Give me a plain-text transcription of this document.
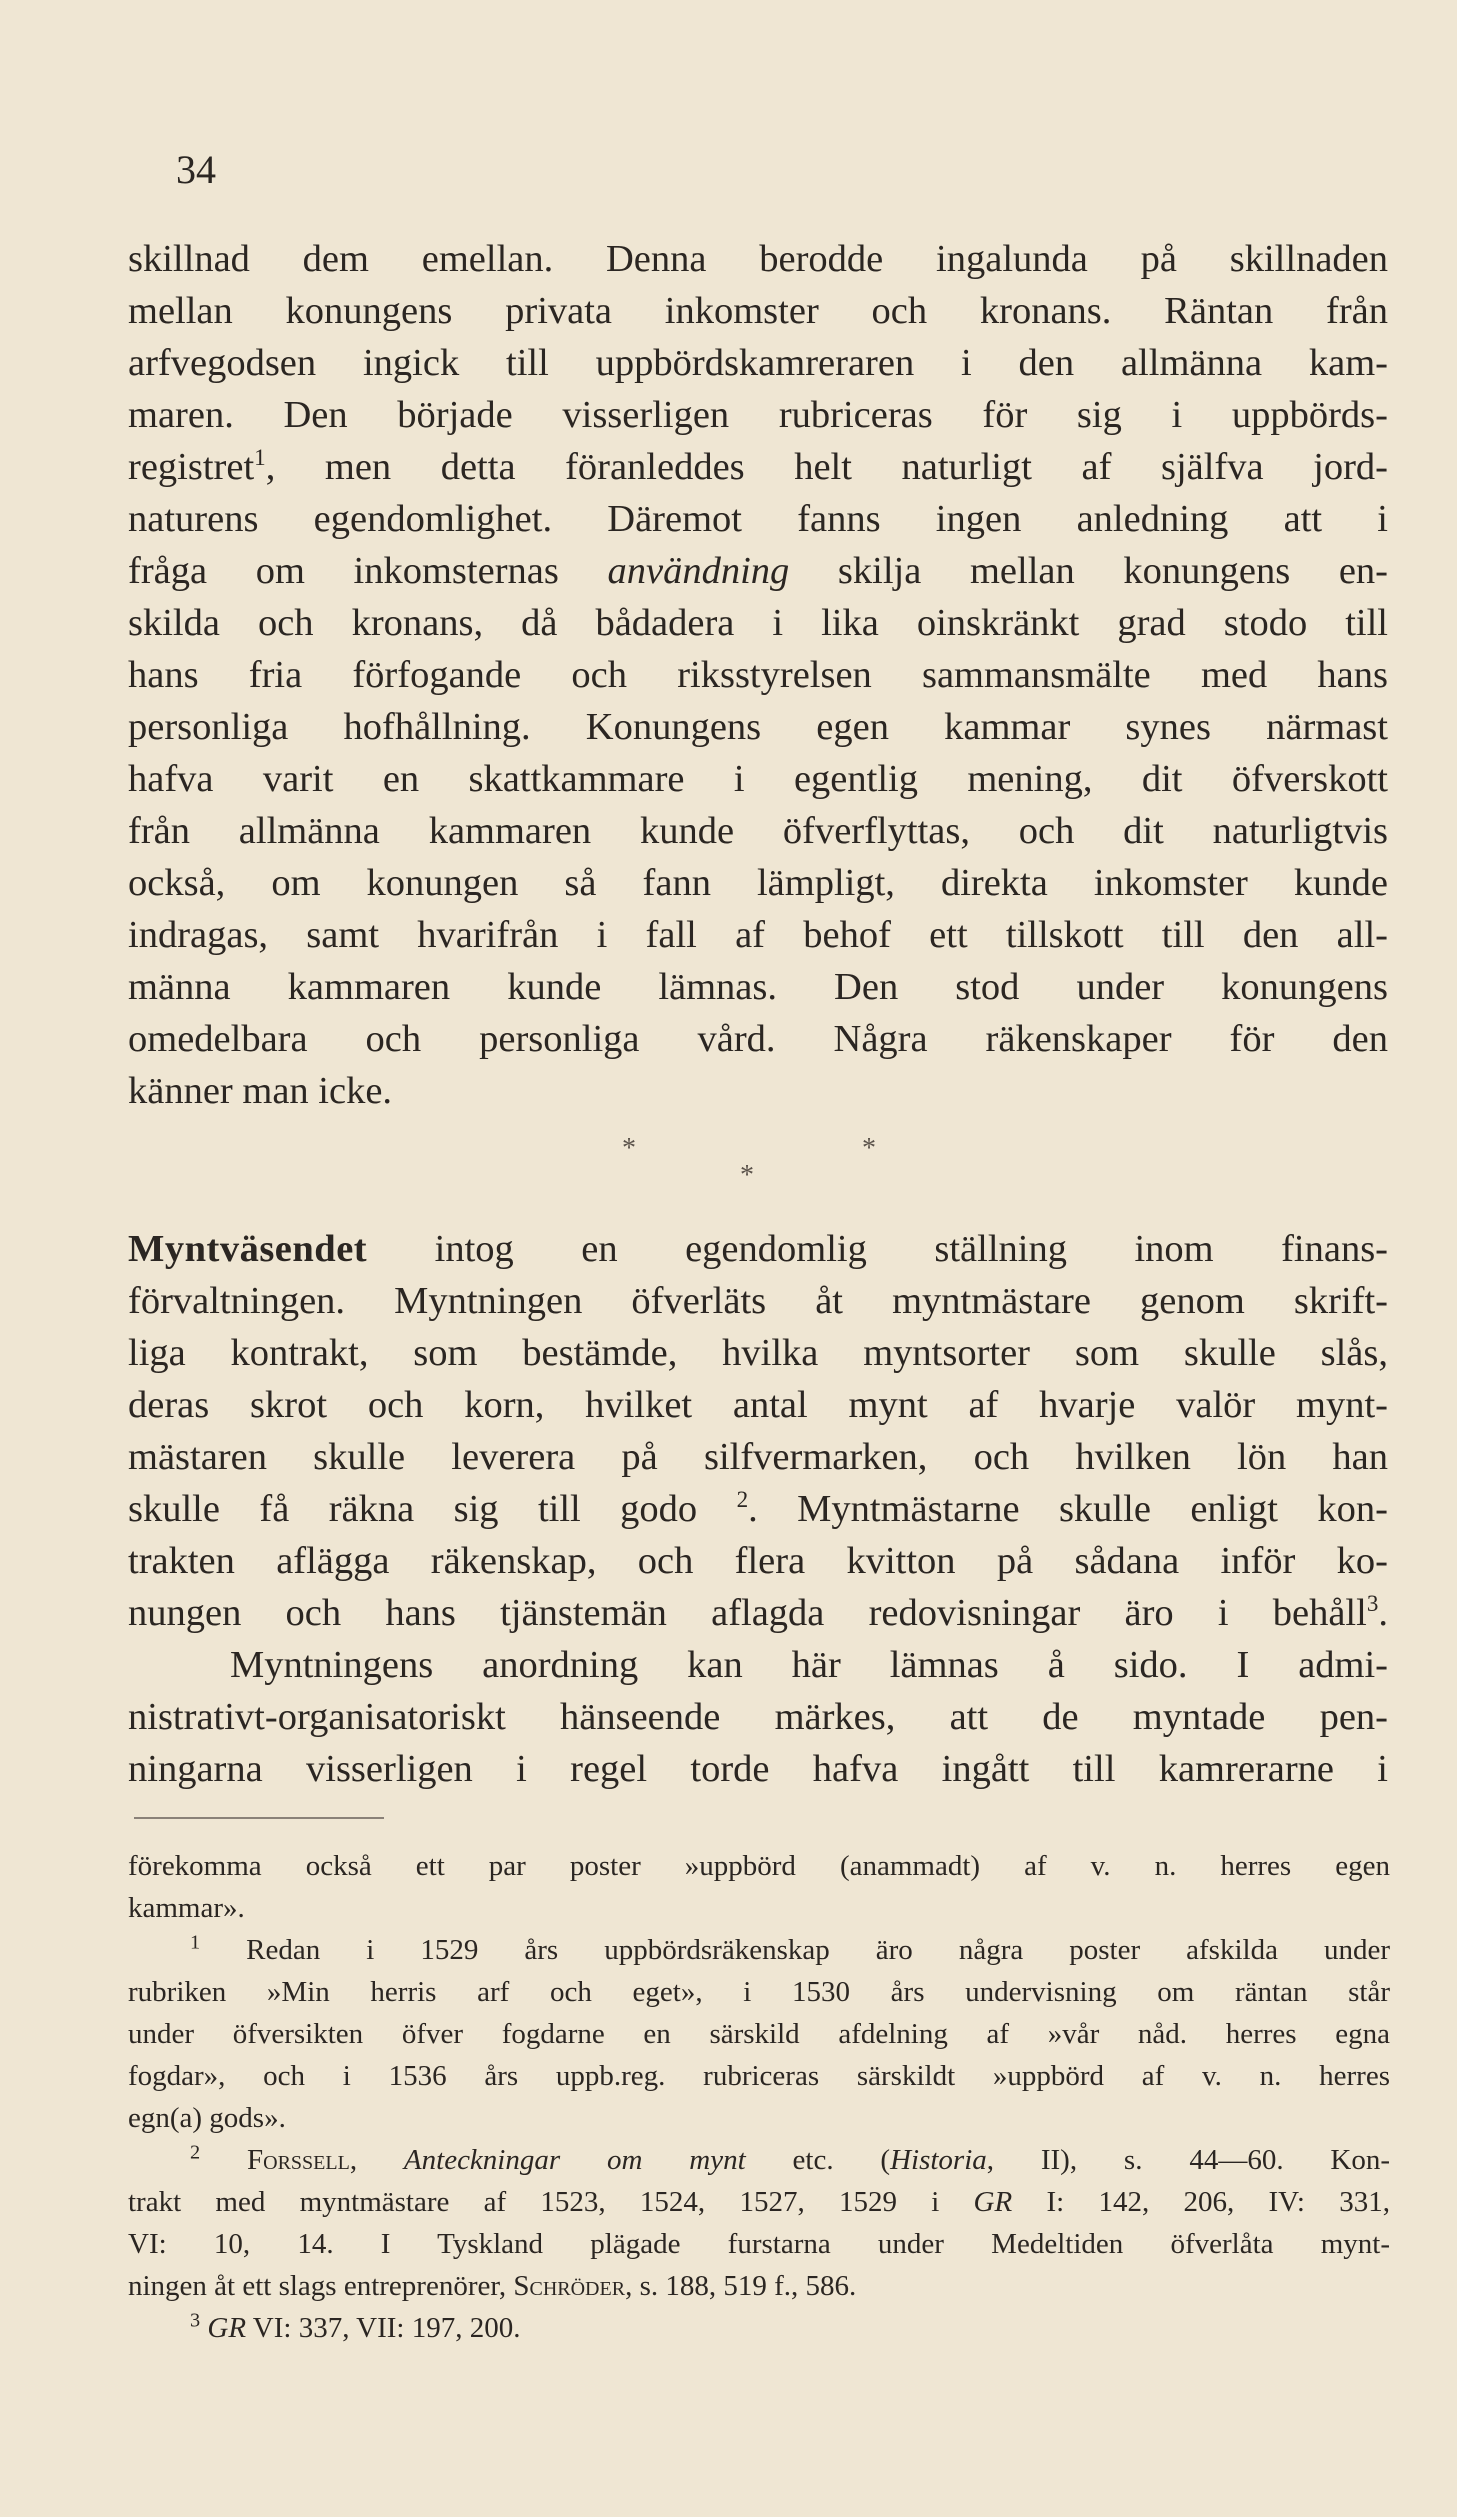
34
skillnad dem emellan. Denna berodde ingalunda på skillnaden
mellan konungens privata inkomster och kronans. Räntan från
arfvegodsen ingick till uppbördskamreraren i den allmänna kam-
maren. Den började visserligen rubriceras för sig i uppbörds-
registret$^1$, men detta föranleddes helt naturligt af själfva jord-
naturens egendomlighet. Däremot fanns ingen anledning att i
fråga om inkomsternas användning skilja mellan konungens en-
skilda och kronans, då bådadera i lika oinskränkt grad stodo till
hans fria förfogande och riksstyrelsen sammansmälte med hans
personliga hofhållning. Konungens egen kammar synes närmast
hafva varit en skattkammare i egentlig mening, dit öfverskott
från allmänna kammaren kunde öfverflyttas, och dit naturligtvis
också, om konungen så fann lämpligt, direkta inkomster kunde
indragas, samt hvarifrån i fall af behof ett tillskott till den all-
männa kammaren kunde lämnas. Den stod under konungens
omedelbara och personliga vård. Några räkenskaper för den
känner man icke.
*	*
*
Myntväsendet intog en egendomlig ställning inom finans-
förvaltningen. Myntningen öfverläts åt myntmästare genom skrift-
liga kontrakt, som bestämde, hvilka myntsorter som skulle slås,
deras skrot och korn, hvilket antal mynt af hvarje valör mynt-
mästaren skulle leverera på silfvermarken, och hvilken lön han
skulle få räkna sig till godo $^2$. Myntmästarne skulle enligt kon-
trakten aflägga räkenskap, och flera kvitton på sådana inför ko-
nungen och hans tjänstemän aflagda redovisningar äro i behåll$^3$.
Myntningens anordning kan här lämnas å sido. I admi-
nistrativt-organisatoriskt hänseende märkes, att de myntade pen-
ningarna visserligen i regel torde hafva ingått till kamrerarne i
förekomma också ett par poster »uppbörd (anammadt) af v. n. herres egen
kammar».
$^1$ Redan i 1529 års uppbördsräkenskap äro några poster afskilda under
rubriken »Min herris arf och eget», i 1530 års undervisning om räntan står
under öfversikten öfver fogdarne en särskild afdelning af »vår nåd. herres egna
fogdar», och i 1536 års uppb.reg. rubriceras särskildt »uppbörd af v. n. herres
egn(a) gods».
$^2$ Forssell, Anteckningar om mynt etc. (Historia, II), s. 44—60. Kon-
trakt med myntmästare af 1523, 1524, 1527, 1529 i GR I: 142, 206, IV: 331,
VI: 10, 14. I Tyskland plägade furstarna under Medeltiden öfverlåta mynt-
ningen åt ett slags entreprenörer, Schröder, s. 188, 519 f., 586.
$^3$ GR VI: 337, VII: 197, 200.
